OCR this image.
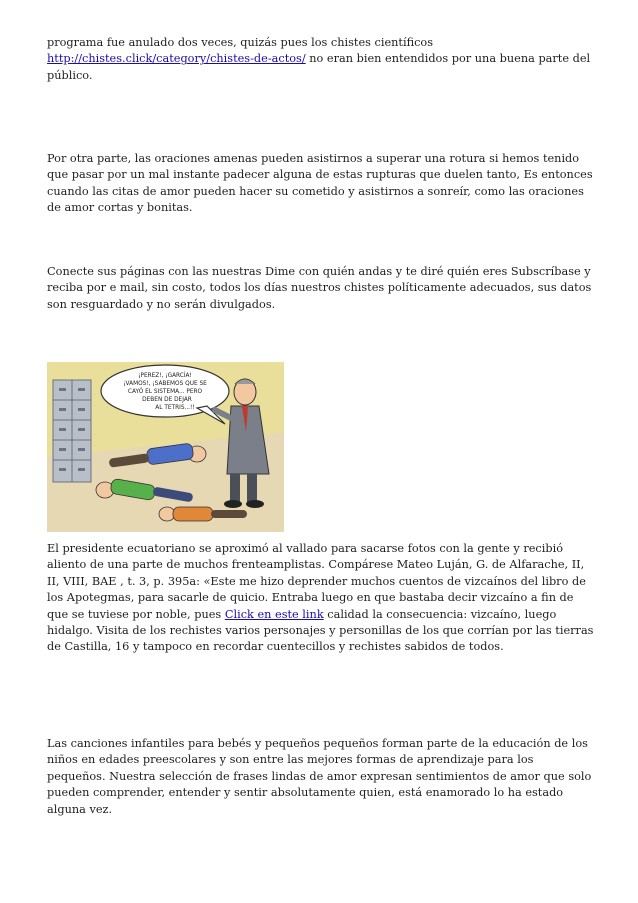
programa fue anulado dos veces, quizás pues los chistes científicos http://chistes.click/category/chistes-de-actos/ no eran bien entendidos por una buena parte del público.

Por otra parte, las oraciones amenas pueden asistirnos a superar una rotura si hemos tenido que pasar por un mal instante padecer alguna de estas rupturas que duelen tanto, Es entonces cuando las citas de amor pueden hacer su cometido y asistirnos a sonreír, como las oraciones de amor cortas y bonitas.

Conecte sus páginas con las nuestras Dime con quién andas y te diré quién eres Subscríbase y reciba por e mail, sin costo, todos los días nuestros chistes políticamente adecuados, sus datos son resguardado y no serán divulgados.

¡PEREZ!, ¡GARCÍA!
¡VAMOS!, ¡SABEMOS QUE SE
CAYÓ EL SISTEMA... PERO
DEBEN DE DEJAR
AL TETRIS...!!

El presidente ecuatoriano se aproximó al vallado para sacarse fotos con la gente y recibió aliento de una parte de muchos frenteamplistas. Compárese Mateo Luján, G. de Alfarache, II, II, VIII, BAE , t. 3, p. 395a: «Este me hizo deprender muchos cuentos de vizcaínos del libro de los Apotegmas, para sacarle de quicio. Entraba luego en que bastaba decir vizcaíno a fin de que se tuviese por noble, pues Click en este link calidad la consecuencia: vizcaíno, luego hidalgo. Visita de los rechistes varios personajes y personillas de los que corrían por las tierras de Castilla, 16 y tampoco en recordar cuentecillos y rechistes sabidos de todos.

Las canciones infantiles para bebés y pequeños pequeños forman parte de la educación de los niños en edades preescolares y son entre las mejores formas de aprendizaje para los pequeños. Nuestra selección de frases lindas de amor expresan sentimientos de amor que solo pueden comprender, entender y sentir absolutamente quien, está enamorado lo ha estado alguna vez.
